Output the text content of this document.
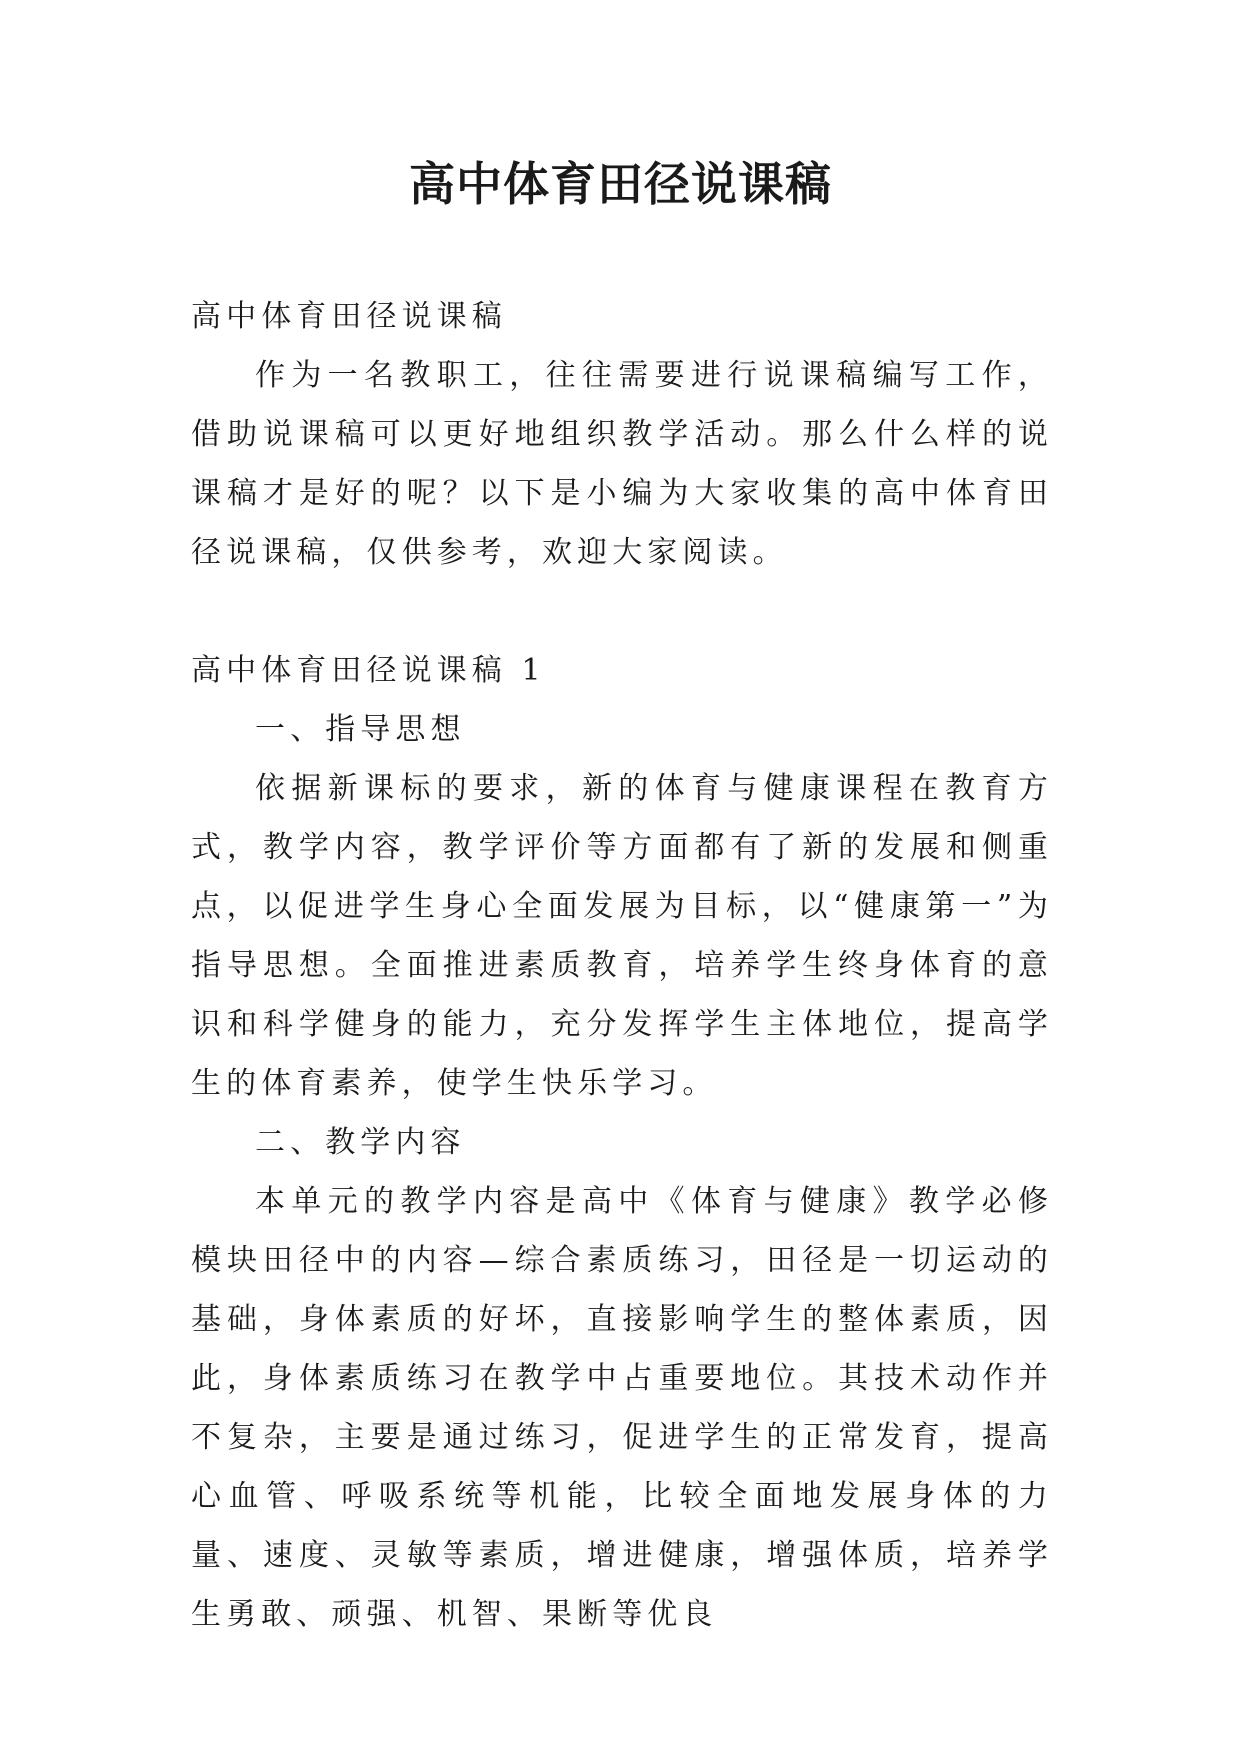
高中体育田径说课稿

高中体育田径说课稿

作为一名教职工，往往需要进行说课稿编写工作，借助说课稿可以更好地组织教学活动。那么什么样的说课稿才是好的呢？以下是小编为大家收集的高中体育田径说课稿，仅供参考，欢迎大家阅读。

高中体育田径说课稿 1

一、指导思想

依据新课标的要求，新的体育与健康课程在教育方式，教学内容，教学评价等方面都有了新的发展和侧重点，以促进学生身心全面发展为目标，以“健康第一”为指导思想。全面推进素质教育，培养学生终身体育的意识和科学健身的能力，充分发挥学生主体地位，提高学生的体育素养，使学生快乐学习。

二、教学内容

本单元的教学内容是高中《体育与健康》教学必修模块田径中的内容—综合素质练习，田径是一切运动的基础，身体素质的好坏，直接影响学生的整体素质，因此，身体素质练习在教学中占重要地位。其技术动作并不复杂，主要是通过练习，促进学生的正常发育，提高心血管、呼吸系统等机能，比较全面地发展身体的力量、速度、灵敏等素质，增进健康，增强体质，培养学生勇敢、顽强、机智、果断等优良
